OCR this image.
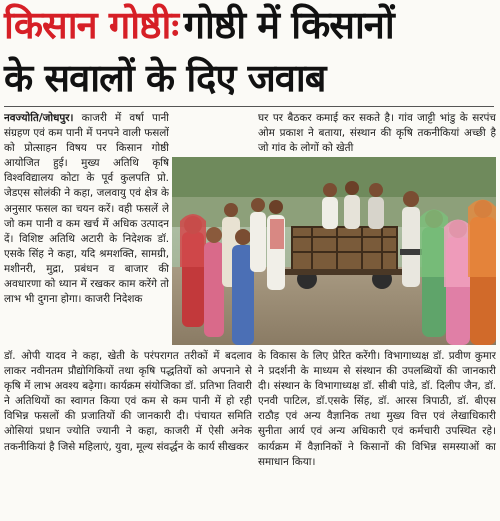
किसान गोष्ठीः गोष्ठी में किसानों
के सवालों के दिए जवाब

नवज्योति/जोधपुर। काजरी में वर्षा पानी संग्रहण एवं कम पानी में पनपने वाली फसलों को प्रोत्साहन विषय पर किसान गोष्ठी आयोजित हुई। मुख्य अतिथि कृषि विश्वविद्यालय कोटा के पूर्व कुलपति प्रो. जेडएस सोलंकी ने कहा, जलवायु एवं क्षेत्र के अनुसार फसल का चयन करें। वही फसलें ले जो कम पानी व कम खर्च में अधिक उत्पादन दें। विशिष्ट अतिथि अटारी के निदेशक डॉ. एसके सिंह ने कहा, यदि श्रमशक्ति, सामग्री, मशीनरी, मुद्रा, प्रबंधन व बाजार की अवधारणा को ध्यान में रखकर काम करेंगे तो लाभ भी दुगना होगा। काजरी निदेशक

घर पर बैठकर कमाई कर सकते है। गांव जाट्टी भांडु के सरपंच ओम प्रकाश ने बताया, संस्थान की कृषि तकनीकियां अच्छी है जो गांव के लोगों को खेती

डॉ. ओपी यादव ने कहा, खेती के परंपरागत तरीकों में बदलाव लाकर नवीनतम प्रौद्योगिकियों तथा कृषि पद्धतियों को अपनाने से कृषि में लाभ अवश्य बढ़ेगा। कार्यक्रम संयोजिका डॉ. प्रतिभा तिवारी ने अतिथियों का स्वागत किया एवं कम से कम पानी में हो रही विभिन्न फसलों की प्रजातियों की जानकारी दी। पंचायत समिति ओसियां प्रधान ज्योति ज्यानी ने कहा, काजरी में ऐसी अनेक तकनीकियां है जिसे महिलाएं, युवा, मूल्य संवर्द्धन के कार्य सीखकर

के विकास के लिए प्रेरित करेंगी। विभागाध्यक्ष डॉ. प्रवीण कुमार ने प्रदर्शनी के माध्यम से संस्थान की उपलब्धियों की जानकारी दी। संस्थान के विभागाध्यक्ष डॉ. सीबी पांडे, डॉ. दिलीप जैन, डॉ. एनवी पाटिल, डॉ.एसके सिंह, डॉ. आरस त्रिपाठी, डॉ. बीएस राठौड़ एवं अन्य वैज्ञानिक तथा मुख्य वित्त एवं लेखाधिकारी सुनीता आर्य एवं अन्य अधिकारी एवं कर्मचारी उपस्थित रहे। कार्यक्रम में वैज्ञानिकों ने किसानों की विभिन्न समस्याओं का समाधान किया।
